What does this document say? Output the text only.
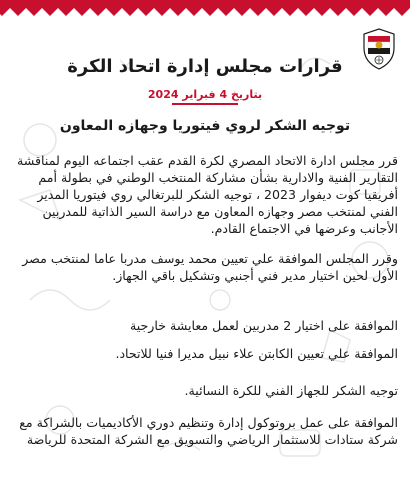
قرارات مجلس إدارة اتحاد الكرة
بتاريخ 4 فبراير 2024
توجيه الشكر لروي فيتوريا وجهازه المعاون
قرر مجلس ادارة الاتحاد المصري لكرة القدم عقب اجتماعه اليوم لمناقشة التقارير الفنية والادارية بشأن مشاركة المنتخب الوطني في بطولة أمم أفريقيا كوت ديفوار 2023 ، توجيه الشكر للبرتغالي روي فيتوريا المدير الفني لمنتخب مصر وجهازه المعاون مع دراسة السير الذاتية للمدربين الأجانب وعرضها في الاجتماع القادم.
وقرر المجلس الموافقة علي تعيين محمد يوسف مدربا عاما لمنتخب مصر الأول لحين اختيار مدير فني أجنبي وتشكيل باقي الجهاز.
الموافقة على اختيار 2 مدربين لعمل معايشة خارجية
الموافقة علي تعيين الكابتن علاء نبيل مديرا فنيا للاتحاد.
توجيه الشكر للجهاز الفني للكرة النسائية.
الموافقة على عمل بروتوكول إدارة وتنظيم دوري الأكاديميات بالشراكة مع شركة ستادات للاستثمار الرياضي والتسويق مع الشركة المتحدة للرياضة
